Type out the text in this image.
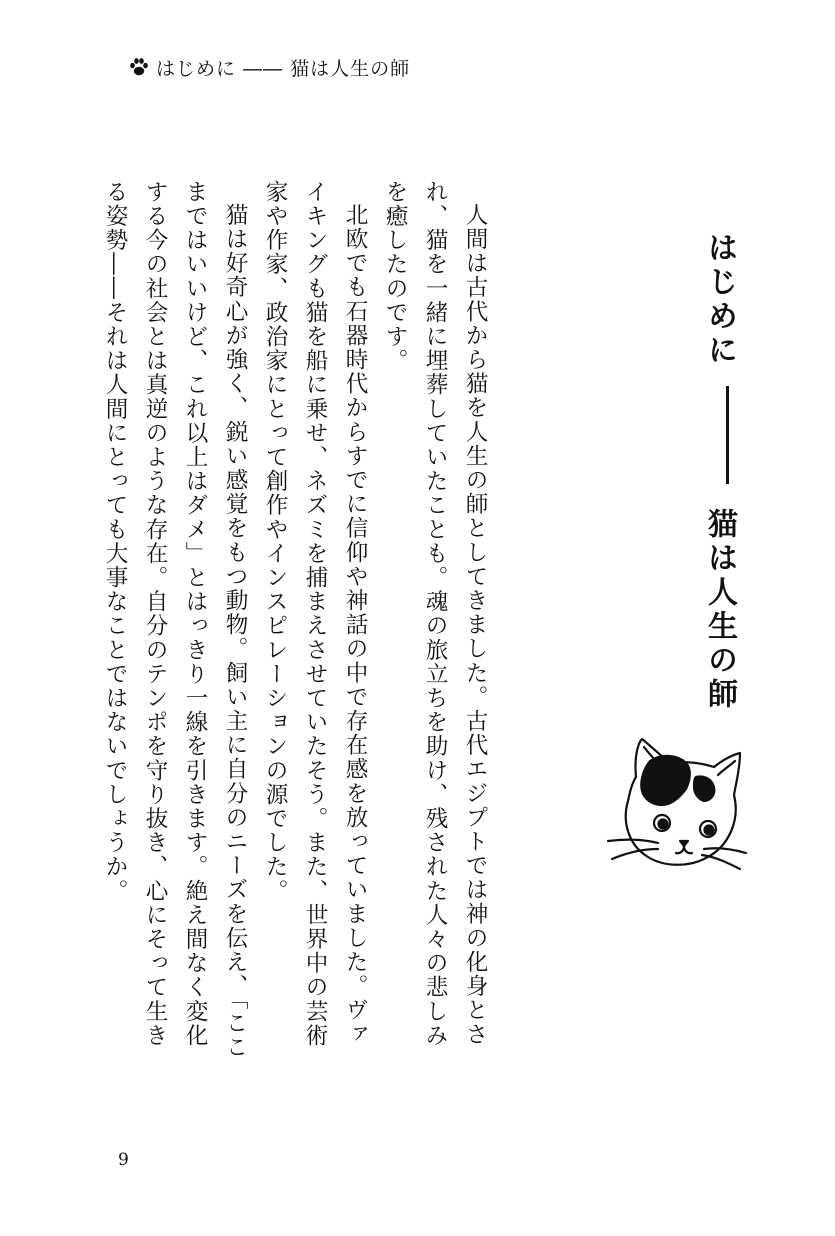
はじめに ―― 猫は人生の師
はじめに猫は人生の師

人間は古代から猫を人生の師としてきました。古代エジプトでは神の化身とされ、猫を一緒に埋葬していたことも。魂の旅立ちを助け、残された人々の悲しみを癒したのです。

北欧でも石器時代からすでに信仰や神話の中で存在感を放っていました。ヴァイキングも猫を船に乗せ、ネズミを捕まえさせていたそう。また、世界中の芸術家や作家、政治家にとって創作やインスピレーションの源でした。

猫は好奇心が強く、鋭い感覚をもつ動物。飼い主に自分のニーズを伝え、「ここまではいいけど、これ以上はダメ」とはっきり一線を引きます。絶え間なく変化する今の社会とは真逆のような存在。自分のテンポを守り抜き、心にそって生きる姿勢――それは人間にとっても大事なことではないでしょうか。

9
